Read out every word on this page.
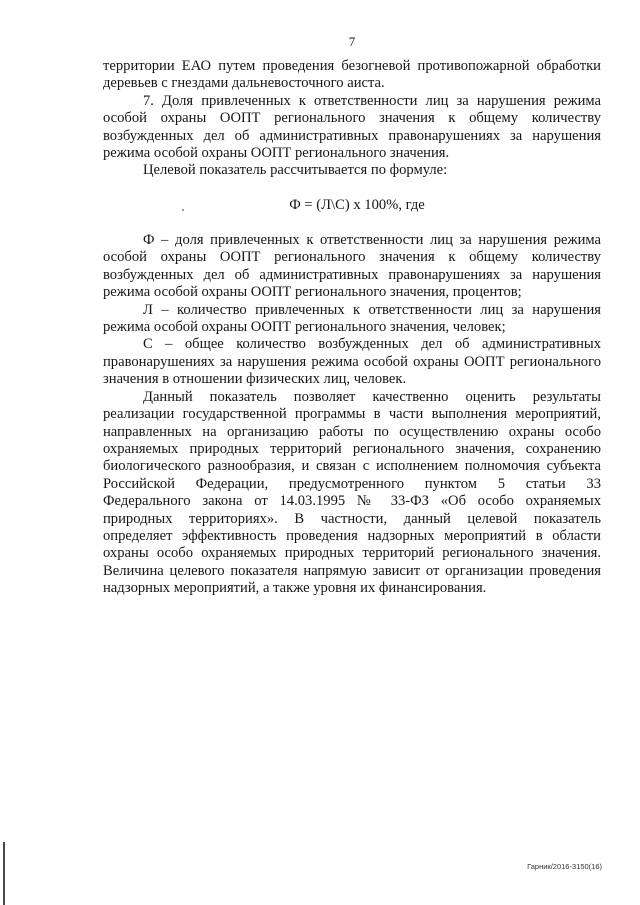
7
территории ЕАО путем проведения безогневой противопожарной обработки
деревьев с гнездами дальневосточного аиста.
7. Доля привлеченных к ответственности лиц за нарушения режима
особой охраны ООПТ регионального значения к общему количеству
возбужденных дел об административных правонарушениях за нарушения
режима особой охраны ООПТ регионального значения.
Целевой показатель рассчитывается по формуле:
Ф = (Л\С) х 100%, где
Ф – доля привлеченных к ответственности лиц за нарушения режима
особой охраны ООПТ регионального значения к общему количеству
возбужденных дел об административных правонарушениях за нарушения
режима особой охраны ООПТ регионального значения, процентов;
Л – количество привлеченных к ответственности лиц за нарушения
режима особой охраны ООПТ регионального значения, человек;
С – общее количество возбужденных дел об административных
правонарушениях за нарушения режима особой охраны ООПТ регионального
значения в отношении физических лиц, человек.
Данный показатель позволяет качественно оценить результаты
реализации государственной программы в части выполнения мероприятий,
направленных на организацию работы по осуществлению охраны особо
охраняемых природных территорий регионального значения, сохранению
биологического разнообразия, и связан с исполнением полномочия субъекта
Российской Федерации, предусмотренного пунктом 5 статьи 33
Федерального закона от 14.03.1995 № 33-ФЗ «Об особо охраняемых
природных территориях». В частности, данный целевой показатель
определяет эффективность проведения надзорных мероприятий в области
охраны особо охраняемых природных территорий регионального значения.
Величина целевого показателя напрямую зависит от организации проведения
надзорных мероприятий, а также уровня их финансирования.
Гарник/2016-3150(16)
